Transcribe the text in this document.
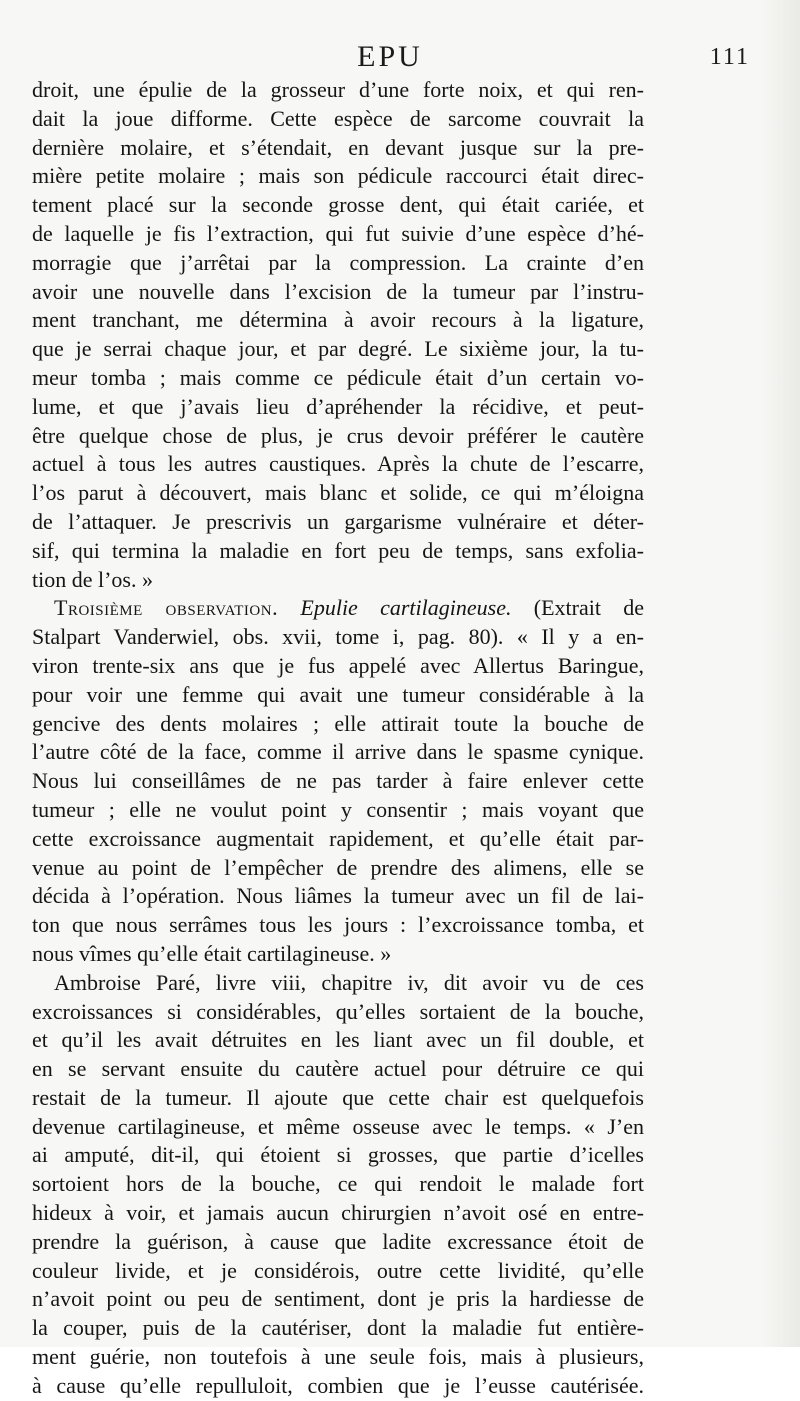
EPU	111
droit, une épulie de la grosseur d’une forte noix, et qui ren-
dait la joue difforme. Cette espèce de sarcome couvrait la
dernière molaire, et s’étendait, en devant jusque sur la pre-
mière petite molaire ; mais son pédicule raccourci était direc-
tement placé sur la seconde grosse dent, qui était cariée, et
de laquelle je fis l’extraction, qui fut suivie d’une espèce d’hé-
morragie que j’arrêtai par la compression. La crainte d’en
avoir une nouvelle dans l’excision de la tumeur par l’instru-
ment tranchant, me détermina à avoir recours à la ligature,
que je serrai chaque jour, et par degré. Le sixième jour, la tu-
meur tomba ; mais comme ce pédicule était d’un certain vo-
lume, et que j’avais lieu d’apréhender la récidive, et peut-
être quelque chose de plus, je crus devoir préférer le cautère
actuel à tous les autres caustiques. Après la chute de l’escarre,
l’os parut à découvert, mais blanc et solide, ce qui m’éloigna
de l’attaquer. Je prescrivis un gargarisme vulnéraire et déter-
sif, qui termina la maladie en fort peu de temps, sans exfolia-
tion de l’os. »
Troisième observation. Epulie cartilagineuse. (Extrait de
Stalpart Vanderwiel, obs. xvii, tome i, pag. 80). « Il y a en-
viron trente-six ans que je fus appelé avec Allertus Baringue,
pour voir une femme qui avait une tumeur considérable à la
gencive des dents molaires ; elle attirait toute la bouche de
l’autre côté de la face, comme il arrive dans le spasme cynique.
Nous lui conseillâmes de ne pas tarder à faire enlever cette
tumeur ; elle ne voulut point y consentir ; mais voyant que
cette excroissance augmentait rapidement, et qu’elle était par-
venue au point de l’empêcher de prendre des alimens, elle se
décida à l’opération. Nous liâmes la tumeur avec un fil de lai-
ton que nous serrâmes tous les jours : l’excroissance tomba, et
nous vîmes qu’elle était cartilagineuse. »
Ambroise Paré, livre viii, chapitre iv, dit avoir vu de ces
excroissances si considérables, qu’elles sortaient de la bouche,
et qu’il les avait détruites en les liant avec un fil double, et
en se servant ensuite du cautère actuel pour détruire ce qui
restait de la tumeur. Il ajoute que cette chair est quelquefois
devenue cartilagineuse, et même osseuse avec le temps. « J’en
ai amputé, dit-il, qui étoient si grosses, que partie d’icelles
sortoient hors de la bouche, ce qui rendoit le malade fort
hideux à voir, et jamais aucun chirurgien n’avoit osé en entre-
prendre la guérison, à cause que ladite excressance étoit de
couleur livide, et je considérois, outre cette lividité, qu’elle
n’avoit point ou peu de sentiment, dont je pris la hardiesse de
la couper, puis de la cautériser, dont la maladie fut entière-
ment guérie, non toutefois à une seule fois, mais à plusieurs,
à cause qu’elle repulluloit, combien que je l’eusse cautérisée.
